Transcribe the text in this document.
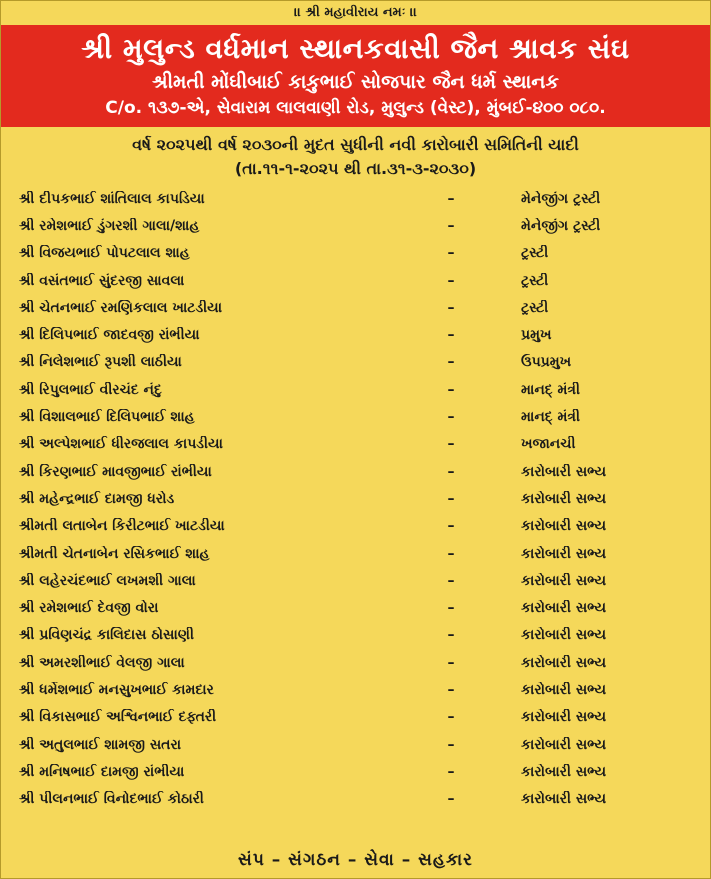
।। શ્રી મહાવીરાય નમઃ ।।
શ્રી મુલુન્ડ વર્ધમાન સ્થાનકવાસી જૈન શ્રાવક સંઘ
શ્રીમતી મોંઘીબાઈ કાકુભાઈ સોજપાર જૈન ધર્મ સ્થાનક
C/o. ૧૩૭-એ, સેવારામ લાલવાણી રોડ, મુલુન્ડ (વેસ્ટ), મુંબઈ-૪૦૦ ૦૮૦.
વર્ષ ૨૦૨૫થી વર્ષ ૨૦૩૦ની મુદત સુધીની નવી કારોબારી સમિતિની યાદી
(તા.૧૧-૧-૨૦૨૫ થી તા.૩૧-૩-૨૦૩૦)
શ્રી દીપકભાઈ શાંતિલાલ કાપડિયા	–	મેનેજીંગ ટ્રસ્ટી
શ્રી રમેશભાઈ ડુંગરશી ગાલા/શાહ	–	મેનેજીંગ ટ્રસ્ટી
શ્રી વિજયભાઈ પોપટલાલ શાહ	–	ટ્રસ્ટી
શ્રી વસંતભાઈ સુંદરજી સાવલા	–	ટ્રસ્ટી
શ્રી ચેતનભાઈ રમણિકલાલ ખાટડીયા	–	ટ્રસ્ટી
શ્રી દિલિપભાઈ જાદવજી રાંભીયા	–	પ્રમુખ
શ્રી નિલેશભાઈ રૂપશી લાઠીયા	–	ઉપપ્રમુખ
શ્રી રિપુલભાઈ વીરચંદ નંદુ	–	માનદ્ મંત્રી
શ્રી વિશાલભાઈ દિલિપભાઈ શાહ	–	માનદ્ મંત્રી
શ્રી અલ્પેશભાઈ ધીરજલાલ કાપડીયા	–	ખજાનચી
શ્રી કિરણભાઈ માવજીભાઈ રાંભીયા	–	કારોબારી સભ્ય
શ્રી મહેન્દ્રભાઈ દામજી ધરોડ	–	કારોબારી સભ્ય
શ્રીમતી લતાબેન કિરીટભાઈ ખાટડીયા	–	કારોબારી સભ્ય
શ્રીમતી ચેતનાબેન રસિકભાઈ શાહ	–	કારોબારી સભ્ય
શ્રી લહેરચંદભાઈ લખમશી ગાલા	–	કારોબારી સભ્ય
શ્રી રમેશભાઈ દેવજી વોરા	–	કારોબારી સભ્ય
શ્રી પ્રવિણચંદ્ર કાલિદાસ ઠોસાણી	–	કારોબારી સભ્ય
શ્રી અમરશીભાઈ વેલજી ગાલા	–	કારોબારી સભ્ય
શ્રી ધર્મેશભાઈ મનસુખભાઈ કામદાર	–	કારોબારી સભ્ય
શ્રી વિકાસભાઈ અશ્વિનભાઈ દફ્તરી	–	કારોબારી સભ્ય
શ્રી અતુલભાઈ શામજી સતરા	–	કારોબારી સભ્ય
શ્રી મનિષભાઈ દામજી રાંભીયા	–	કારોબારી સભ્ય
શ્રી પીલનભાઈ વિનોદભાઈ કોઠારી	–	કારોબારી સભ્ય
સંપ – સંગઠન – સેવા – સહકાર
